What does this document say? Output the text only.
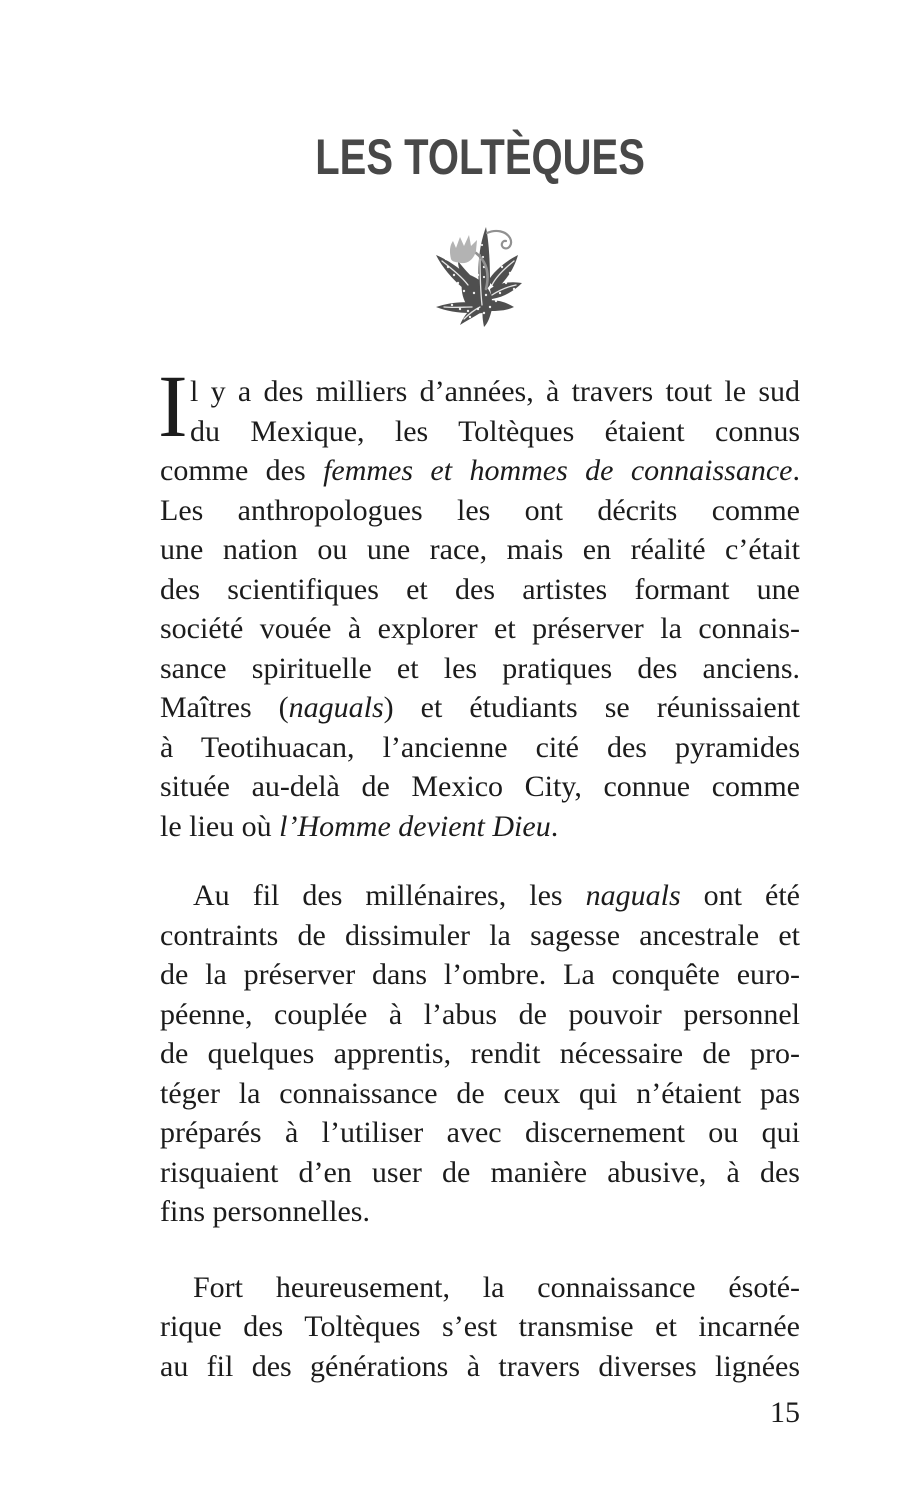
LES TOLTÈQUES
I l y a des milliers d’années, à travers tout le sud
du Mexique, les Toltèques étaient connus
comme des femmes et hommes de connaissance.
Les anthropologues les ont décrits comme
une nation ou une race, mais en réalité c’était
des scientifiques et des artistes formant une
société vouée à explorer et préserver la connais-
sance spirituelle et les pratiques des anciens.
Maîtres (naguals) et étudiants se réunissaient
à Teotihuacan, l’ancienne cité des pyramides
située au-delà de Mexico City, connue comme
le lieu où l’Homme devient Dieu.
Au fil des millénaires, les naguals ont été
contraints de dissimuler la sagesse ancestrale et
de la préserver dans l’ombre. La conquête euro-
péenne, couplée à l’abus de pouvoir personnel
de quelques apprentis, rendit nécessaire de pro-
téger la connaissance de ceux qui n’étaient pas
préparés à l’utiliser avec discernement ou qui
risquaient d’en user de manière abusive, à des
fins personnelles.
Fort heureusement, la connaissance ésoté-
rique des Toltèques s’est transmise et incarnée
au fil des générations à travers diverses lignées
15
